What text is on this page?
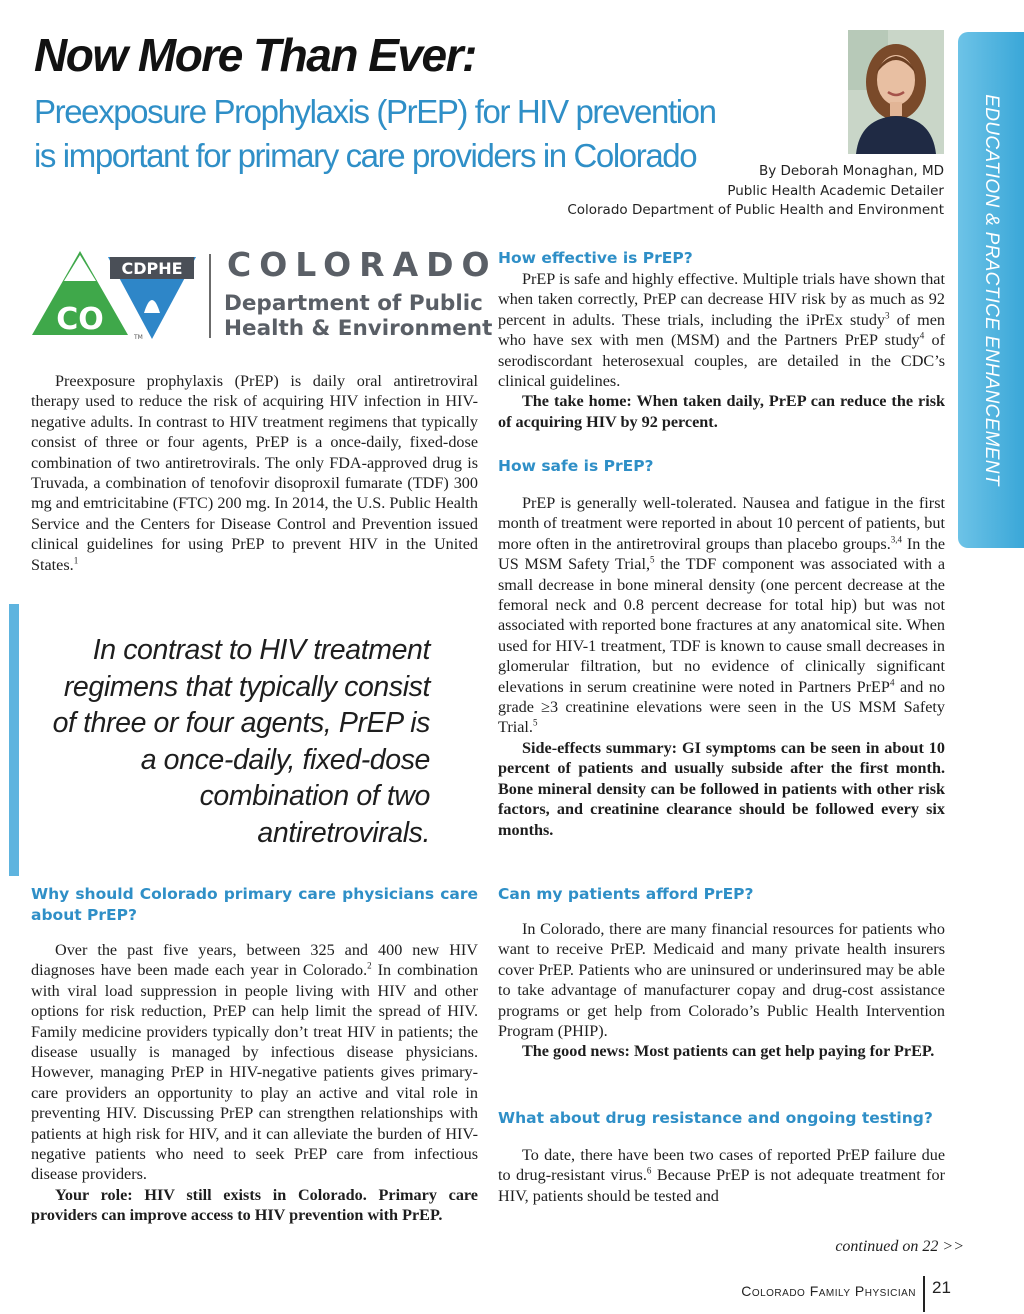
Now More Than Ever:
Preexposure Prophylaxis (PrEP) for HIV prevention
is important for primary care providers in Colorado	By Deborah Monaghan, MD
Public Health Academic Detailer
Colorado Department of Public Health and Environment EDUCATION & PRACTICE ENHANCEMENT
CO
CDPHE
TM
COLORADO
Department of Public
Health & Environment

Preexposure prophylaxis (PrEP) is daily oral antiretroviral therapy used to reduce the risk of acquiring HIV infection in HIV-negative adults. In contrast to HIV treatment regimens that typically consist of three or four agents, PrEP is a once-daily, fixed-dose combination of two antiretrovirals. The only FDA-approved drug is Truvada, a combination of tenofovir disoproxil fumarate (TDF) 300 mg and emtricitabine (FTC) 200 mg. In 2014, the U.S. Public Health Service and the Centers for Disease Control and Prevention issued clinical guidelines for using PrEP to prevent HIV in the United States.$^1$

In contrast to HIV treatment regimens that typically consist of three or four agents, PrEP is a once-daily, fixed-dose combination of two antiretrovirals.

Why should Colorado primary care physicians care about PrEP?

Over the past five years, between 325 and 400 new HIV diagnoses have been made each year in Colorado.$^2$ In combination with viral load suppression in people living with HIV and other options for risk reduction, PrEP can help limit the spread of HIV. Family medicine providers typically don’t treat HIV in patients; the disease usually is managed by infectious disease physicians. However, managing PrEP in HIV-negative patients gives primary-care providers an opportunity to play an active and vital role in preventing HIV. Discussing PrEP can strengthen relationships with patients at high risk for HIV, and it can alleviate the burden of HIV-negative patients who need to seek PrEP care from infectious disease providers.

Your role: HIV still exists in Colorado. Primary care providers can improve access to HIV prevention with PrEP.

How effective is PrEP?

PrEP is safe and highly effective. Multiple trials have shown that when taken correctly, PrEP can decrease HIV risk by as much as 92 percent in adults. These trials, including the iPrEx study$^3$ of men who have sex with men (MSM) and the Partners PrEP study$^4$ of serodiscordant heterosexual couples, are detailed in the CDC’s clinical guidelines.

The take home: When taken daily, PrEP can reduce the risk of acquiring HIV by 92 percent.

How safe is PrEP?

PrEP is generally well-tolerated. Nausea and fatigue in the first month of treatment were reported in about 10 percent of patients, but more often in the antiretroviral groups than placebo groups.$^{3,4}$ In the US MSM Safety Trial,$^5$ the TDF component was associated with a small decrease in bone mineral density (one percent decrease at the femoral neck and 0.8 percent decrease for total hip) but was not associated with reported bone fractures at any anatomical site. When used for HIV-1 treatment, TDF is known to cause small decreases in glomerular filtration, but no evidence of clinically significant elevations in serum creatinine were noted in Partners PrEP$^4$ and no grade ≥3 creatinine elevations were seen in the US MSM Safety Trial.$^5$

Side-effects summary: GI symptoms can be seen in about 10 percent of patients and usually subside after the first month. Bone mineral density can be followed in patients with other risk factors, and creatinine clearance should be followed every six months.

Can my patients afford PrEP?

In Colorado, there are many financial resources for patients who want to receive PrEP. Medicaid and many private health insurers cover PrEP. Patients who are uninsured or underinsured may be able to take advantage of manufacturer copay and drug-cost assistance programs or get help from Colorado’s Public Health Intervention Program (PHIP).

The good news: Most patients can get help paying for PrEP.

What about drug resistance and ongoing testing?

To date, there have been two cases of reported PrEP failure due to drug-resistant virus.$^6$ Because PrEP is not adequate treatment for HIV, patients should be tested and

continued on 22 >>
Colorado Family Physician 21
